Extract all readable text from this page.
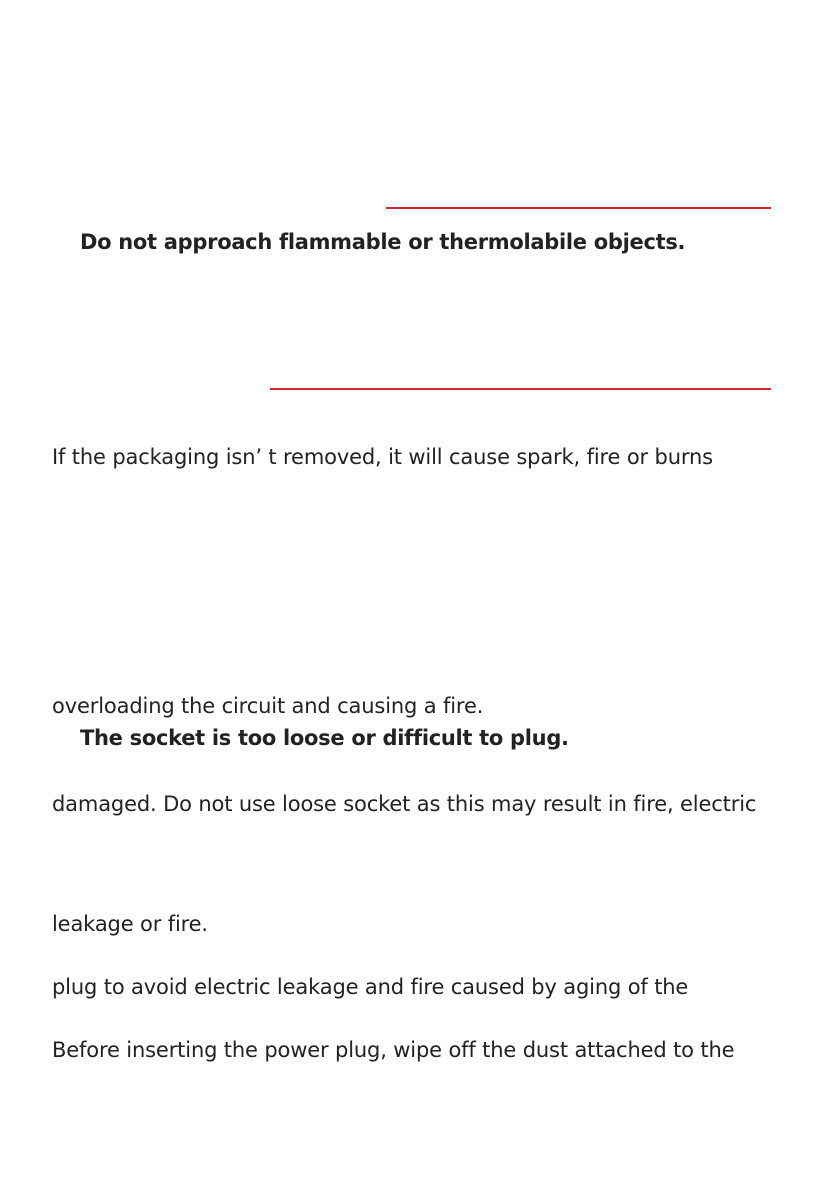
Do not approach flammable or thermolabile objects.
If the packaging isn’ t removed, it will cause spark, fire or burns
overloading the circuit and causing a fire.
The socket is too loose or difficult to plug.
damaged. Do not use loose socket as this may result in fire, electric
leakage or fire.
plug to avoid electric leakage and fire caused by aging of the
Before inserting the power plug, wipe off the dust attached to the
